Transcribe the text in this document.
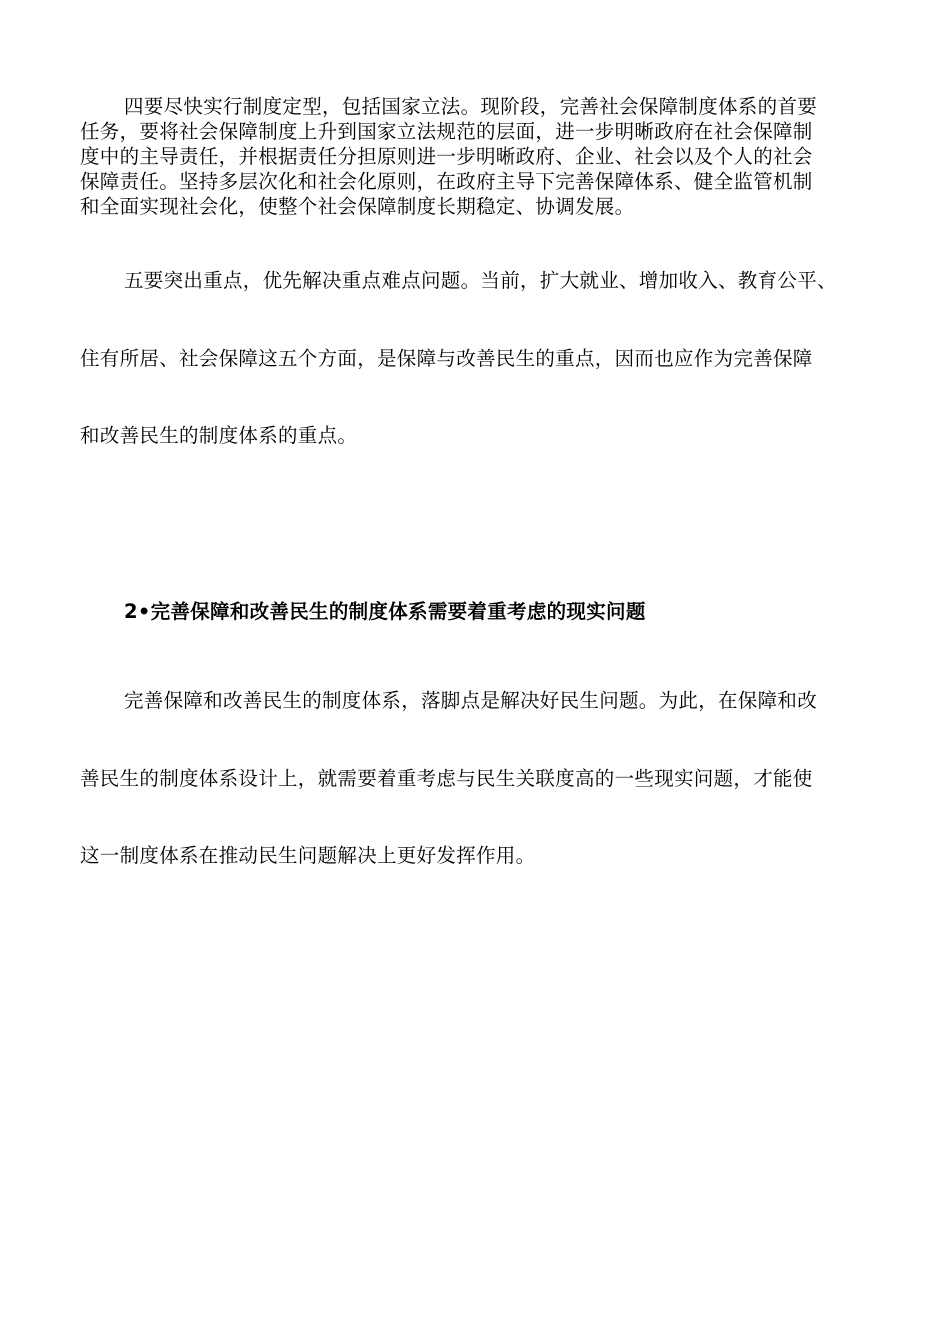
四要尽快实行制度定型，包括国家立法。现阶段，完善社会保障制度体系的首要

任务，要将社会保障制度上升到国家立法规范的层面，进一步明晰政府在社会保障制

度中的主导责任，并根据责任分担原则进一步明晰政府、企业、社会以及个人的社会

保障责任。坚持多层次化和社会化原则，在政府主导下完善保障体系、健全监管机制

和全面实现社会化，使整个社会保障制度长期稳定、协调发展。

五要突出重点，优先解决重点难点问题。当前，扩大就业、增加收入、教育公平、

住有所居、社会保障这五个方面，是保障与改善民生的重点，因而也应作为完善保障

和改善民生的制度体系的重点。

2•完善保障和改善民生的制度体系需要着重考虑的现实问题

完善保障和改善民生的制度体系，落脚点是解决好民生问题。为此，在保障和改

善民生的制度体系设计上，就需要着重考虑与民生关联度高的一些现实问题，才能使

这一制度体系在推动民生问题解决上更好发挥作用。
